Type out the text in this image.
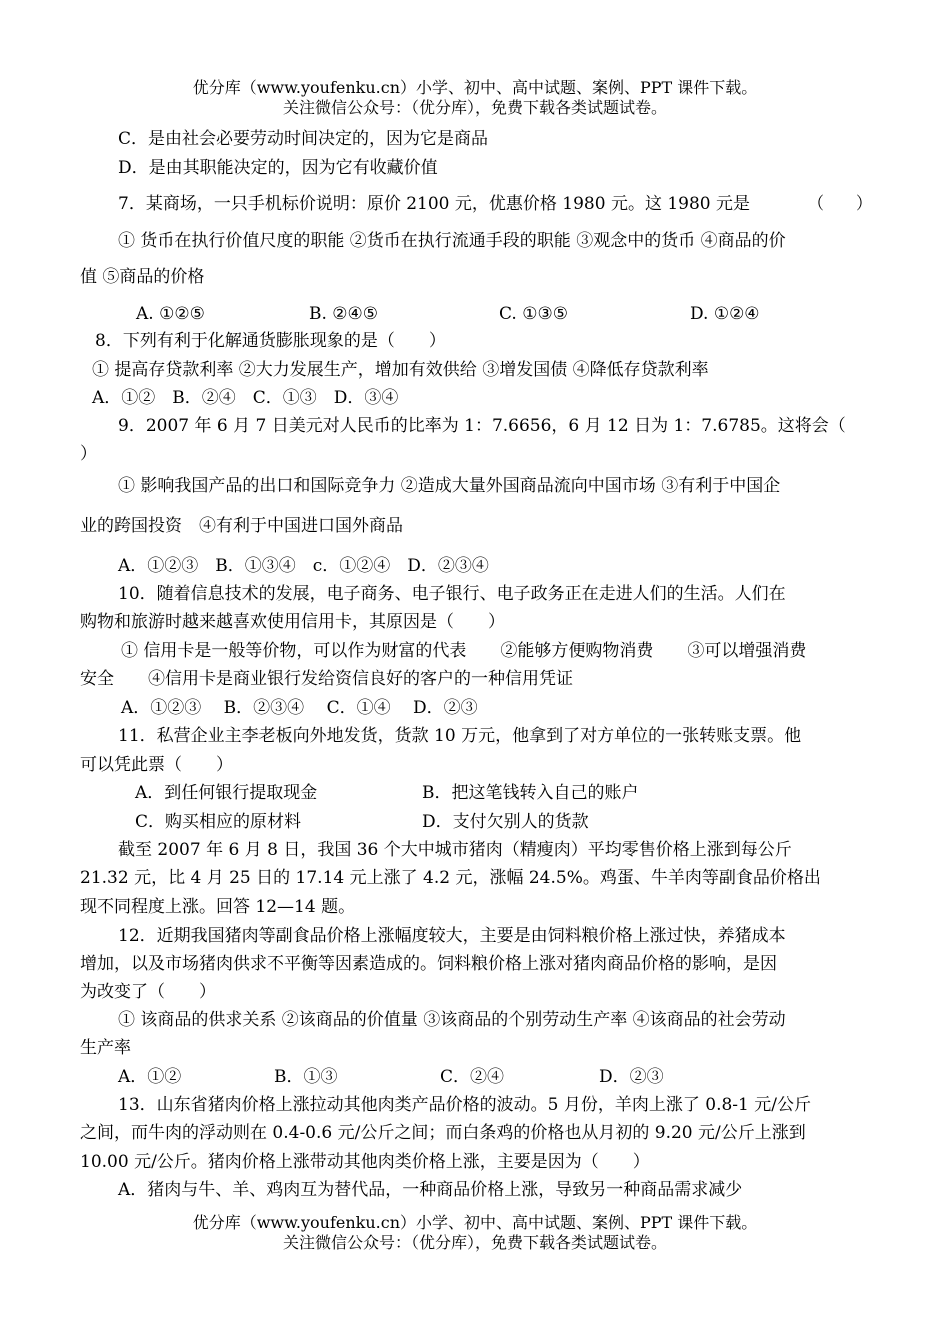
优分库（www.youfenku.cn）小学、初中、高中试题、案例、PPT 课件下载。
关注微信公众号：（优分库），免费下载各类试题试卷。
C．是由社会必要劳动时间决定的，因为它是商品
D．是由其职能决定的，因为它有收藏价值
7．某商场，一只手机标价说明：原价 2100 元，优惠价格 1980 元。这 1980 元是	（　　）
① 货币在执行价值尺度的职能 ②货币在执行流通手段的职能 ③观念中的货币 ④商品的价
值 ⑤商品的价格
A. ①②⑤	B. ②④⑤	C. ①③⑤	D. ①②④
8．下列有利于化解通货膨胀现象的是（　　）
① 提高存贷款利率 ②大力发展生产，增加有效供给 ③增发国债 ④降低存贷款利率
A．①②　B．②④　C．①③　D．③④
9．2007 年 6 月 7 日美元对人民币的比率为 1：7.6656，6 月 12 日为 1：7.6785。这将会（
）
① 影响我国产品的出口和国际竞争力 ②造成大量外国商品流向中国市场 ③有利于中国企
业的跨国投资　④有利于中国进口国外商品
A．①②③　B．①③④　c．①②④　D．②③④
10．随着信息技术的发展，电子商务、电子银行、电子政务正在走进人们的生活。人们在
购物和旅游时越来越喜欢使用信用卡，其原因是（　　）
① 信用卡是一般等价物，可以作为财富的代表　　②能够方便购物消费　　③可以增强消费
安全　　④信用卡是商业银行发给资信良好的客户的一种信用凭证
A．①②③　 B．②③④　 C．①④　 D．②③
11．私营企业主李老板向外地发货，货款 10 万元，他拿到了对方单位的一张转账支票。他
可以凭此票（　　）
A．到任何银行提取现金	B．把这笔钱转入自己的账户
C．购买相应的原材料	D．支付欠别人的货款
截至 2007 年 6 月 8 日，我国 36 个大中城市猪肉（精瘦肉）平均零售价格上涨到每公斤
21.32 元，比 4 月 25 日的 17.14 元上涨了 4.2 元，涨幅 24.5%。鸡蛋、牛羊肉等副食品价格出
现不同程度上涨。回答 12—14 题。
12．近期我国猪肉等副食品价格上涨幅度较大，主要是由饲料粮价格上涨过快，养猪成本
增加，以及市场猪肉供求不平衡等因素造成的。饲料粮价格上涨对猪肉商品价格的影响，是因
为改变了（　　）
① 该商品的供求关系 ②该商品的价值量 ③该商品的个别劳动生产率 ④该商品的社会劳动
生产率
A．①②	B．①③	C．②④	D．②③
13．山东省猪肉价格上涨拉动其他肉类产品价格的波动。5 月份，羊肉上涨了 0.8-1 元/公斤
之间，而牛肉的浮动则在 0.4-0.6 元/公斤之间；而白条鸡的价格也从月初的 9.20 元/公斤上涨到
10.00 元/公斤。猪肉价格上涨带动其他肉类价格上涨，主要是因为（　　）
A．猪肉与牛、羊、鸡肉互为替代品，一种商品价格上涨，导致另一种商品需求减少
优分库（www.youfenku.cn）小学、初中、高中试题、案例、PPT 课件下载。
关注微信公众号：（优分库），免费下载各类试题试卷。
